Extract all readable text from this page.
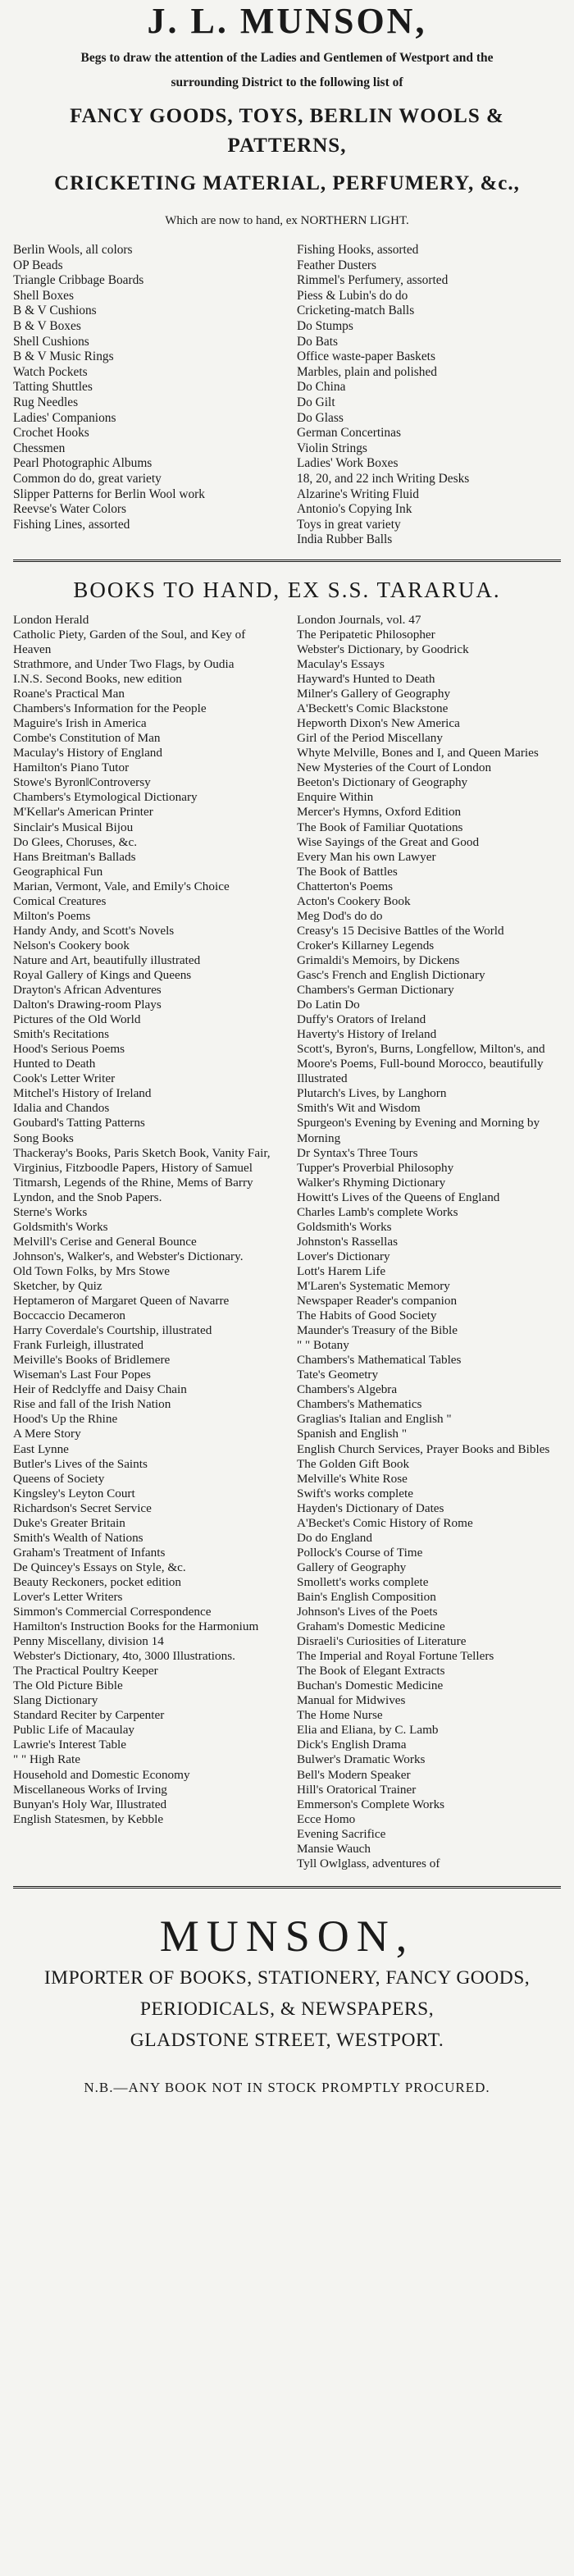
J. L. MUNSON,

Begs to draw the attention of the Ladies and Gentlemen of Westport and the

surrounding District to the following list of

FANCY GOODS, TOYS, BERLIN WOOLS & PATTERNS,

CRICKETING MATERIAL, PERFUMERY, &c.,

Which are now to hand, ex NORTHERN LIGHT.

Berlin Wools, all colors
OP Beads
Triangle Cribbage Boards
Shell Boxes
B & V Cushions
B & V Boxes
Shell Cushions
B & V Music Rings
Watch Pockets
Tatting Shuttles
Rug Needles
Ladies' Companions
Crochet Hooks
Chessmen
Pearl Photographic Albums
Common do do, great variety
Slipper Patterns for Berlin Wool work
Reevse's Water Colors
Fishing Lines, assorted
Fishing Hooks, assorted
Feather Dusters
Rimmel's Perfumery, assorted
Piess & Lubin's do do
Cricketing-match Balls
Do Stumps
Do Bats
Office waste-paper Baskets
Marbles, plain and polished
Do China
Do Gilt
Do Glass
German Concertinas
Violin Strings
Ladies' Work Boxes
18, 20, and 22 inch Writing Desks
Alzarine's Writing Fluid
Antonio's Copying Ink
Toys in great variety
India Rubber Balls
BOOKS TO HAND, EX S.S. TARARUA.
London Herald
Catholic Piety, Garden of the Soul, and Key of Heaven
Strathmore, and Under Two Flags, by Oudia
I.N.S. Second Books, new edition
Roane's Practical Man
Chambers's Information for the People
Maguire's Irish in America
Combe's Constitution of Man
Maculay's History of England
Hamilton's Piano Tutor
Stowe's Byron‖Controversy
Chambers's Etymological Dictionary
M'Kellar's American Printer
Sinclair's Musical Bijou
Do Glees, Choruses, &c.
Hans Breitman's Ballads
Geographical Fun
Marian, Vermont, Vale, and Emily's Choice
Comical Creatures
Milton's Poems
Handy Andy, and Scott's Novels
Nelson's Cookery book
Nature and Art, beautifully illustrated
Royal Gallery of Kings and Queens
Drayton's African Adventures
Dalton's Drawing-room Plays
Pictures of the Old World
Smith's Recitations
Hood's Serious Poems
Hunted to Death
Cook's Letter Writer
Mitchel's History of Ireland
Idalia and Chandos
Goubard's Tatting Patterns
Song Books
Thackeray's Books, Paris Sketch Book, Vanity Fair, Virginius, Fitzboodle Papers, History of Samuel Titmarsh, Legends of the Rhine, Mems of Barry Lyndon, and the Snob Papers.
Sterne's Works
Goldsmith's Works
Melvill's Cerise and General Bounce
Johnson's, Walker's, and Webster's Dictionary.
Old Town Folks, by Mrs Stowe
Sketcher, by Quiz
Heptameron of Margaret Queen of Navarre
Boccaccio Decameron
Harry Coverdale's Courtship, illustrated
Frank Furleigh, illustrated
Meiville's Books of Bridlemere
Wiseman's Last Four Popes
Heir of Redclyffe and Daisy Chain
Rise and fall of the Irish Nation
Hood's Up the Rhine
A Mere Story
East Lynne
Butler's Lives of the Saints
Queens of Society
Kingsley's Leyton Court
Richardson's Secret Service
Duke's Greater Britain
Smith's Wealth of Nations
Graham's Treatment of Infants
De Quincey's Essays on Style, &c.
Beauty Reckoners, pocket edition
Lover's Letter Writers
Simmon's Commercial Correspondence
Hamilton's Instruction Books for the Harmonium
Penny Miscellany, division 14
Webster's Dictionary, 4to, 3000 Illustrations.
The Practical Poultry Keeper
The Old Picture Bible
Slang Dictionary
Standard Reciter by Carpenter
Public Life of Macaulay
Lawrie's Interest Table
" " High Rate
Household and Domestic Economy
Miscellaneous Works of Irving
Bunyan's Holy War, Illustrated
English Statesmen, by Kebble
London Journals, vol. 47
The Peripatetic Philosopher
Webster's Dictionary, by Goodrick
Maculay's Essays
Hayward's Hunted to Death
Milner's Gallery of Geography
A'Beckett's Comic Blackstone
Hepworth Dixon's New America
Girl of the Period Miscellany
Whyte Melville, Bones and I, and Queen Maries
New Mysteries of the Court of London
Beeton's Dictionary of Geography
Enquire Within
Mercer's Hymns, Oxford Edition
The Book of Familiar Quotations
Wise Sayings of the Great and Good
Every Man his own Lawyer
The Book of Battles
Chatterton's Poems
Acton's Cookery Book
Meg Dod's do do
Creasy's 15 Decisive Battles of the World
Croker's Killarney Legends
Grimaldi's Memoirs, by Dickens
Gasc's French and English Dictionary
Chambers's German Dictionary
Do Latin Do
Duffy's Orators of Ireland
Haverty's History of Ireland
Scott's, Byron's, Burns, Longfellow, Milton's, and Moore's Poems, Full-bound Morocco, beautifully Illustrated
Plutarch's Lives, by Langhorn
Smith's Wit and Wisdom
Spurgeon's Evening by Evening and Morning by Morning
Dr Syntax's Three Tours
Tupper's Proverbial Philosophy
Walker's Rhyming Dictionary
Howitt's Lives of the Queens of England
Charles Lamb's complete Works
Goldsmith's Works
Johnston's Rassellas
Lover's Dictionary
Lott's Harem Life
M'Laren's Systematic Memory
Newspaper Reader's companion
The Habits of Good Society
Maunder's Treasury of the Bible
" " Botany
Chambers's Mathematical Tables
Tate's Geometry
Chambers's Algebra
Chambers's Mathematics
Graglias's Italian and English "
Spanish and English "
English Church Services, Prayer Books and Bibles
The Golden Gift Book
Melville's White Rose
Swift's works complete
Hayden's Dictionary of Dates
A'Becket's Comic History of Rome
Do do England
Pollock's Course of Time
Gallery of Geography
Smollett's works complete
Bain's English Composition
Johnson's Lives of the Poets
Graham's Domestic Medicine
Disraeli's Curiosities of Literature
The Imperial and Royal Fortune Tellers
The Book of Elegant Extracts
Buchan's Domestic Medicine
Manual for Midwives
The Home Nurse
Elia and Eliana, by C. Lamb
Dick's English Drama
Bulwer's Dramatic Works
Bell's Modern Speaker
Hill's Oratorical Trainer
Emmerson's Complete Works
Ecce Homo
Evening Sacrifice
Mansie Wauch
Tyll Owlglass, adventures of

MUNSON,

IMPORTER OF BOOKS, STATIONERY, FANCY GOODS,

PERIODICALS, & NEWSPAPERS,

GLADSTONE STREET, WESTPORT.

N.B.—ANY BOOK NOT IN STOCK PROMPTLY PROCURED.
